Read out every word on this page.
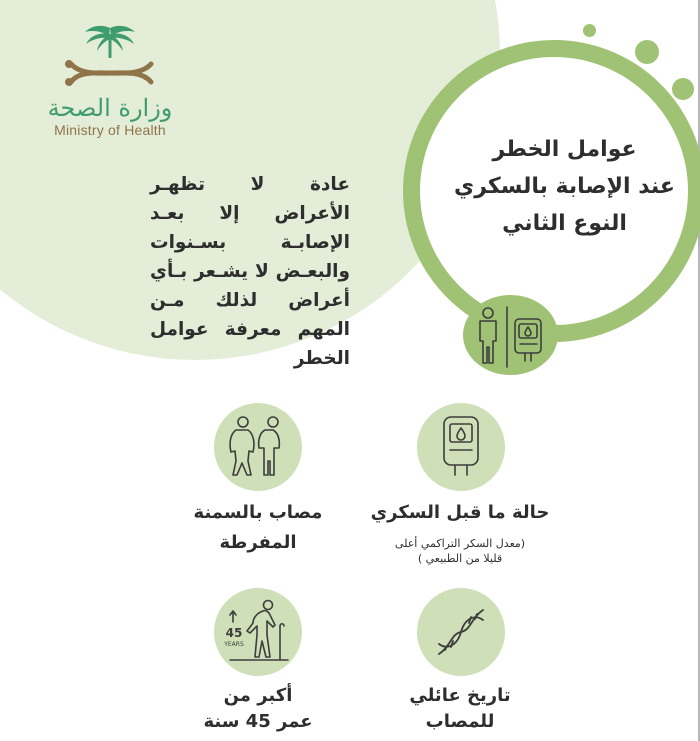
وزارة الصحة
Ministry of Health
عادة لا تظهـر الأعراض إلا بعـد الإصابـة بسـنوات والبعـض لا يشـعر بـأي أعراض لذلك مـن المهم معرفة عوامل الخطر
عوامل الخطر
عند الإصابة بالسكري
النوع الثاني
حالة ما قبل السكري
(معدل السكر التراكمي أعلى
قليلا من الطبيعي )
مصاب بالسمنة
المفرطة
تاريخ عائلي
للمصاب
45
YEARS
أكبر من
عمر 45 سنة
